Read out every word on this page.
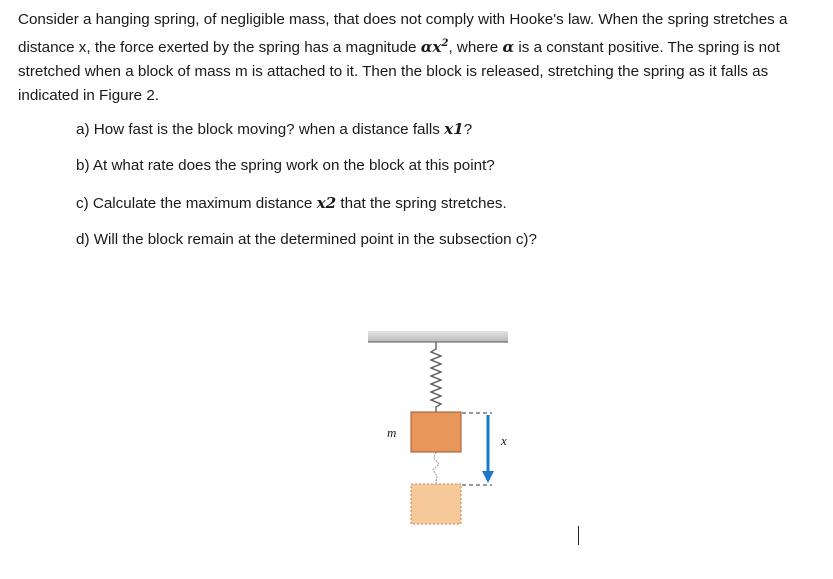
Consider a hanging spring, of negligible mass, that does not comply with Hooke's law. When the spring stretches a distance x, the force exerted by the spring has a magnitude $\alpha x^2$, where α is a constant positive. The spring is not stretched when a block of mass m is attached to it. Then the block is released, stretching the spring as it falls as indicated in Figure 2.
a) How fast is the block moving? when a distance falls x1?
b) At what rate does the spring work on the block at this point?
c) Calculate the maximum distance x2 that the spring stretches.
d) Will the block remain at the determined point in the subsection c)?
m
x
